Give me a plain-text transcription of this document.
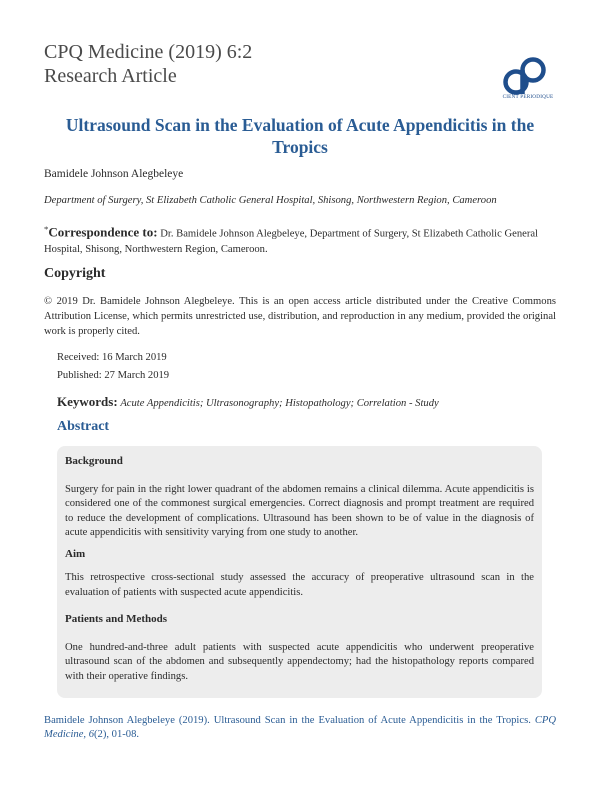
CPQ Medicine (2019) 6:2
Research Article
CIENT PERIODIQUE
Ultrasound Scan in the Evaluation of Acute Appendicitis in the Tropics
Bamidele Johnson Alegbeleye
Department of Surgery, St Elizabeth Catholic General Hospital, Shisong, Northwestern Region, Cameroon
*Correspondence to: Dr. Bamidele Johnson Alegbeleye, Department of Surgery, St Elizabeth Catholic General Hospital, Shisong, Northwestern Region, Cameroon.
Copyright
© 2019 Dr. Bamidele Johnson Alegbeleye. This is an open access article distributed under the Creative Commons Attribution License, which permits unrestricted use, distribution, and reproduction in any medium, provided the original work is properly cited.
Received: 16 March 2019
Published: 27 March 2019
Keywords: Acute Appendicitis; Ultrasonography; Histopathology; Correlation - Study
Abstract
Background
Surgery for pain in the right lower quadrant of the abdomen remains a clinical dilemma. Acute appendicitis is considered one of the commonest surgical emergencies. Correct diagnosis and prompt treatment are required to reduce the development of complications. Ultrasound has been shown to be of value in the diagnosis of acute appendicitis with sensitivity varying from one study to another.
Aim
This retrospective cross-sectional study assessed the accuracy of preoperative ultrasound scan in the evaluation of patients with suspected acute appendicitis.
Patients and Methods
One hundred-and-three adult patients with suspected acute appendicitis who underwent preoperative ultrasound scan of the abdomen and subsequently appendectomy; had the histopathology reports compared with their operative findings.
Bamidele Johnson Alegbeleye (2019). Ultrasound Scan in the Evaluation of Acute Appendicitis in the Tropics. CPQ Medicine, 6(2), 01-08.
